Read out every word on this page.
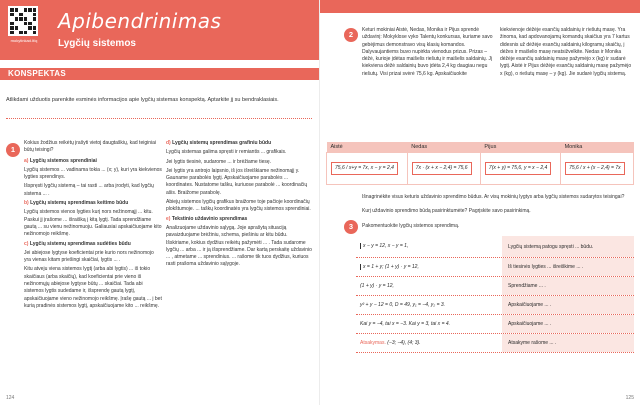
mokytinkad.lt/q
Apibendrinimas
Lygčių sistemos
KONSPEKTAS
Atlikdami užduotis parenkite esminės informacijos apie lygčių sistemas konspektą. Aptarkite jį su bendraklasiais.
1

Kokius žodžius reikėtų įrašyti vietoj daugtaškių, kad teiginiai būtų teisingi?

a) Lygčių sistemos sprendiniai

Lygčių sistemos ... vadinama tokia ... (x; y), kuri yra kiekvienos lygties sprendinys.

Išspręsti lygčių sistemą – tai rasti ... arba įrodyti, kad lygčių sistema ... .

b) Lygčių sistemų sprendimas keitimo būdu

Lygčių sistemos vienos lygties kurį nors nežinomąjį ... kitu. Paskui jį įrašome ... išraišką į kitą lygtį. Tada sprendžiame gautą ... su vienu nežinomuoju. Galiausiai apskaičiuojame kito nežinomojo reikšmę.

c) Lygčių sistemų sprendimas sudėties būdu

Jei abiejose lygtyse koeficientai prie kurio nors nežinomojo yra vienas kitam priešingi skaičiai, lygtis ... .

Kitu atveju viena sistemos lygtį (arba abi lygtis) ... iš tokio skaičiaus (arba skaičių), kad koeficientai prie vieno iš nežinomųjų abiejose lygtyse būtų ... skaičiai. Tada abi sistemos lygtis sudedame ir, išsprendę gautą lygtį, apskaičiuojame vieno nežinomojo reikšmę. Įrašę gautą ... į bet kurią pradinės sistemos lygtį, apskaičiuojame kito ... reikšmę.

d) Lygčių sistemų sprendimas grafiniu būdu

Lygčių sistemas galima spręsti ir remiantis ... grafikais.

Jei lygtis tiesinė, sudarome ... ir brėžiame tiesę.

Jei lygtis yra antrojo laipsnio, iš jos išreiškiame nežinomąjį y. Gauname parabolės lygtį. Apskaičiuojame parabolės ... koordinates. Nustatome tašku, kuriuose parabolė ... koordinačių ašis. Braižome parabolę.

Abiejų sistemos lygčių grafikus braižome toje pačioje koordinačių plokštumoje. ... taškų koordinatės yra lygčių sistemos sprendiniai.

e) Tekstinio uždavinio sprendimas

Analizuojame uždavinio sąlygą. Joje aprašytą situaciją pavaizduojame brėžiniu, schema, piešiniu ar kitu būdu. Išskiriame, kokius dydžius reikėtų pažymėti ... . Tada sudarome lygčių ... arba ... ir ją išsprendžiame. Dar kartą perskaitę uždavinio ... , atmetame ... sprendinius. ... rašome tik tuos dydžius, kuriuos rasti prašoma uždavinio sąlygoje.

124
2	Keturi mokiniai Aistė, Nedas, Monika ir Pijus sprendė uždavinį: Mokyklose vyko Talentų konkursas, kuriame savo gebėjimus demonstravo visų klasių komandos. Dalyvaujantiems buvo nupirkta vienodus prizus. Prizas – dėžė, kurioje įdėtas maišelis riešutų ir maišelis saldainių. Jį kiekviena dėžė saldainių buvo įdėta 2,4 kg daugiau negu riešutų. Visi prizai svėrė 75,6 kg. Apskaičiuokite
kiekvienoje dėžėje esančių saldainių ir riešutų masę. Yra žinoma, kad apdovanojamų komandų skaičius yra 7 kartus didesnis už dėžėje esančių saldainių kilogramų skaičių, į dėžes ir maišelio masę neatsižvelkite. Nedas ir Monika dėžėje esančių saldainių masę pažymėjo x (kg) ir sudarė lygtį. Aistė ir Pijus dėžėje esančių saldainių masę pažymėjo x (kg), o riešutų masę – y (kg). Jie sudarė lygčių sistemą.
Aistė	Nedas	Pijus	Monika
75,6 / x+y = 7x, x − y = 2,4	7x · (x + x − 2,4) = 75,6	7(x + y) = 75,6, y = x − 2,4	75,6 / x + (x − 2,4) = 7x
Išnagrinėkite visus keturis uždavinio sprendimo būdus. Ar visų mokinių lygtys arba lygčių sistemos sudarytos teisingai?
Kurį uždavinio sprendimo būdą pasirinktumėte? Pagrįskite savo pasirinkimą.
3	Pakomentuokite lygčių sistemos sprendimą.
x − y = 12, x − y = 1,	Lygčių sistemą patogu spręsti ... būdu.
x = 1 + y; (1 + y) · y = 12,	Iš tiesinės lygties ... išreiškime ... .
(1 + y) · y = 12,	Sprendžiame ... .
y² + y − 12 = 0, D = 49, y₁ = −4, y₂ = 3.	Apskaičiuojame ... .
Kai y = −4, tai x = −3. Kai y = 3, tai x = 4.	Apskaičiuojame ... .
Atsakymas. (−3; −4), (4; 3).	Atsakyme rašome ... .
125
